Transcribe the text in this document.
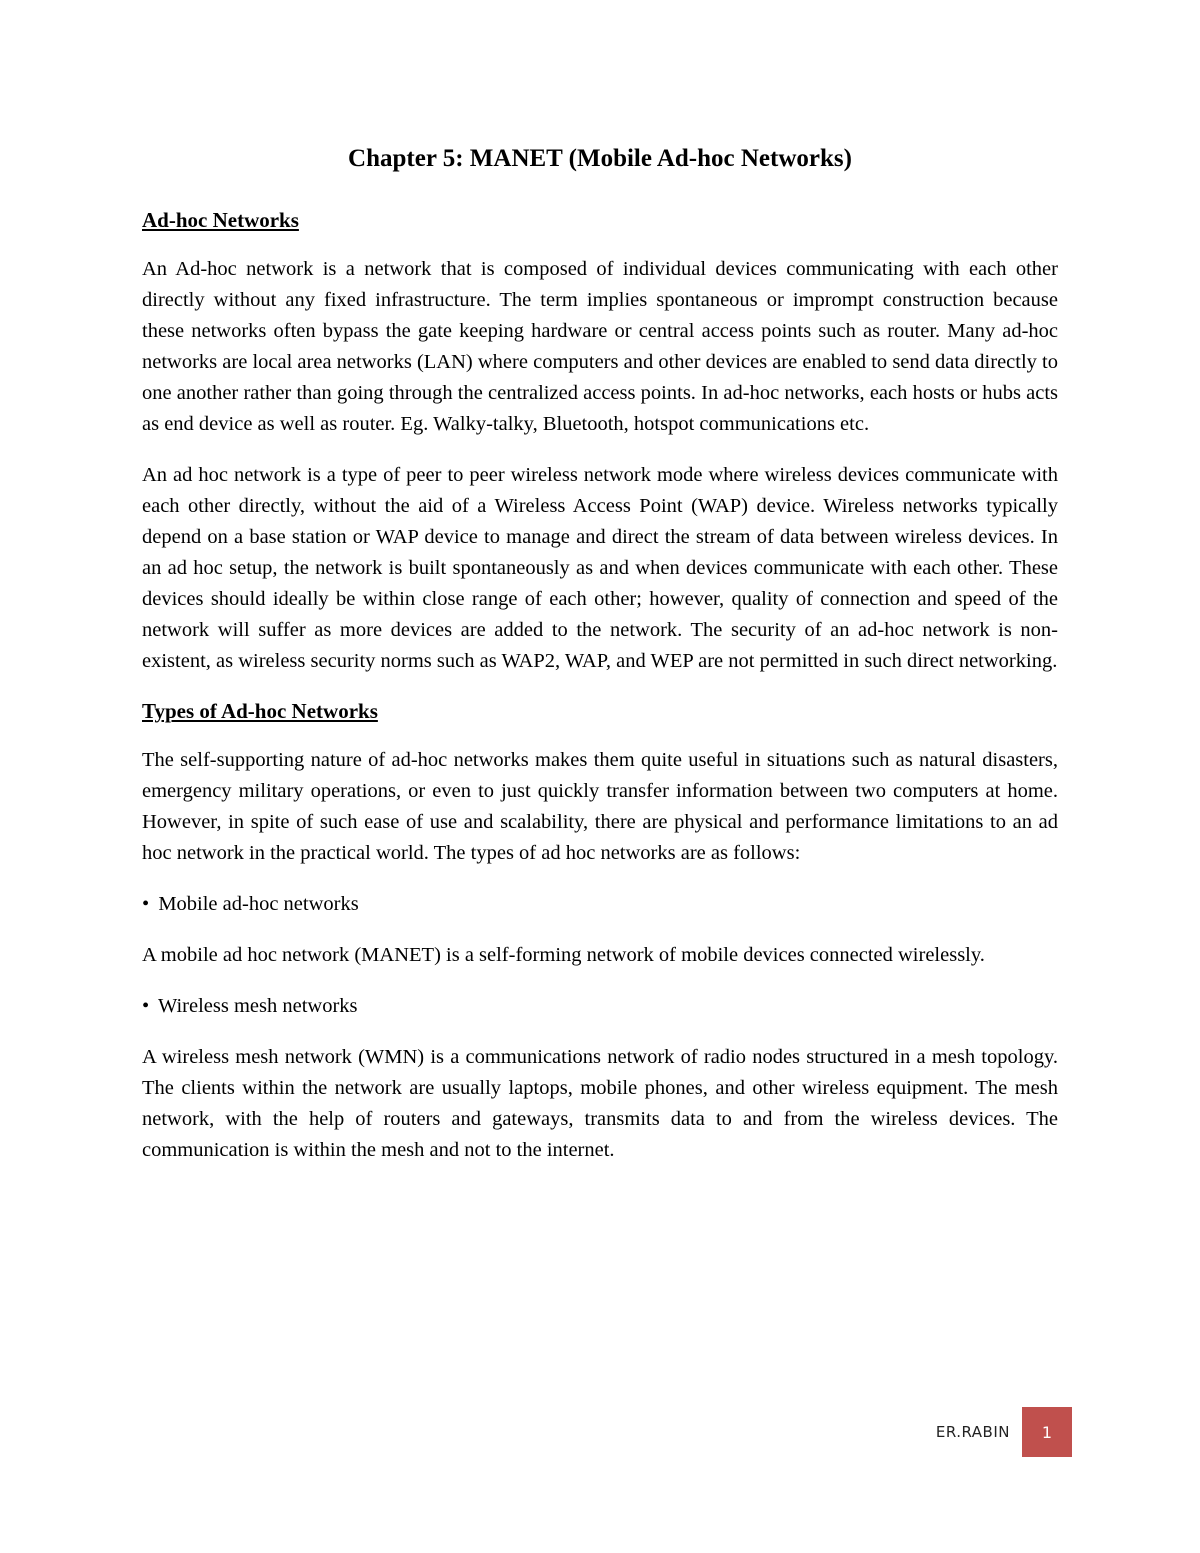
Chapter 5: MANET (Mobile Ad-hoc Networks)
Ad-hoc Networks

An Ad-hoc network is a network that is composed of individual devices communicating with each other directly without any fixed infrastructure. The term implies spontaneous or imprompt construction because these networks often bypass the gate keeping hardware or central access points such as router. Many ad-hoc networks are local area networks (LAN) where computers and other devices are enabled to send data directly to one another rather than going through the centralized access points. In ad-hoc networks, each hosts or hubs acts as end device as well as router. Eg. Walky-talky, Bluetooth, hotspot communications etc.

An ad hoc network is a type of peer to peer wireless network mode where wireless devices communicate with each other directly, without the aid of a Wireless Access Point (WAP) device. Wireless networks typically depend on a base station or WAP device to manage and direct the stream of data between wireless devices. In an ad hoc setup, the network is built spontaneously as and when devices communicate with each other. These devices should ideally be within close range of each other; however, quality of connection and speed of the network will suffer as more devices are added to the network. The security of an ad-hoc network is non-existent, as wireless security norms such as WAP2, WAP, and WEP are not permitted in such direct networking.

Types of Ad-hoc Networks

The self-supporting nature of ad-hoc networks makes them quite useful in situations such as natural disasters, emergency military operations, or even to just quickly transfer information between two computers at home. However, in spite of such ease of use and scalability, there are physical and performance limitations to an ad hoc network in the practical world. The types of ad hoc networks are as follows:

• Mobile ad-hoc networks

A mobile ad hoc network (MANET) is a self-forming network of mobile devices connected wirelessly.

• Wireless mesh networks

A wireless mesh network (WMN) is a communications network of radio nodes structured in a mesh topology. The clients within the network are usually laptops, mobile phones, and other wireless equipment. The mesh network, with the help of routers and gateways, transmits data to and from the wireless devices. The communication is within the mesh and not to the internet.

ER.RABIN	1
